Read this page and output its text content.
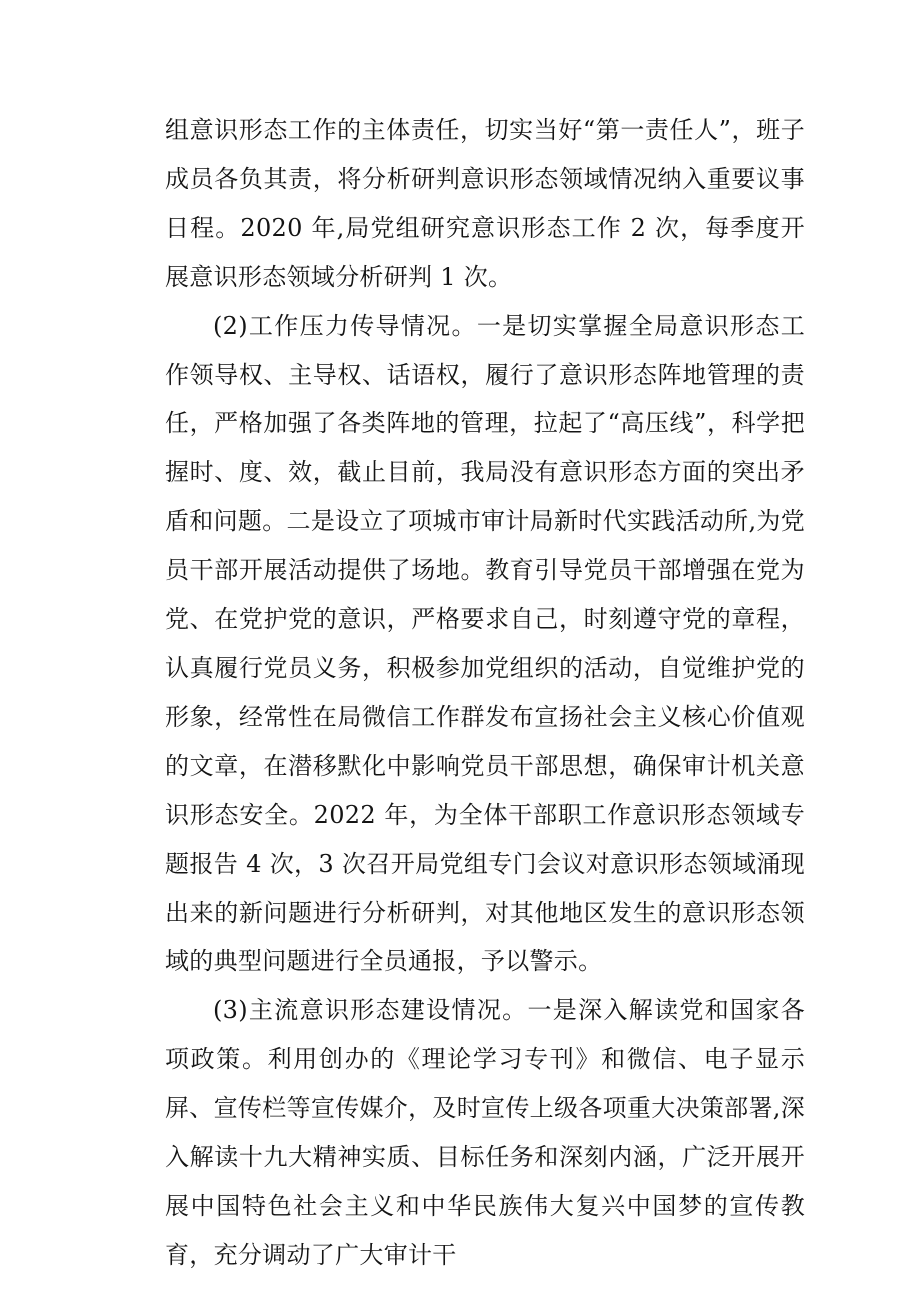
组意识形态工作的主体责任，切实当好“第一责任人”，班子成员各负其责，将分析研判意识形态领域情况纳入重要议事日程。2020 年,局党组研究意识形态工作 2 次，每季度开展意识形态领域分析研判 1 次。

(2)工作压力传导情况。一是切实掌握全局意识形态工作领导权、主导权、话语权，履行了意识形态阵地管理的责任，严格加强了各类阵地的管理，拉起了“高压线”，科学把握时、度、效，截止目前，我局没有意识形态方面的突出矛盾和问题。二是设立了项城市审计局新时代实践活动所,为党员干部开展活动提供了场地。教育引导党员干部增强在党为党、在党护党的意识，严格要求自己，时刻遵守党的章程，认真履行党员义务，积极参加党组织的活动，自觉维护党的形象，经常性在局微信工作群发布宣扬社会主义核心价值观的文章，在潜移默化中影响党员干部思想，确保审计机关意识形态安全。2022 年，为全体干部职工作意识形态领域专题报告 4 次，3 次召开局党组专门会议对意识形态领域涌现出来的新问题进行分析研判，对其他地区发生的意识形态领域的典型问题进行全员通报，予以警示。

(3)主流意识形态建设情况。一是深入解读党和国家各项政策。利用创办的《理论学习专刊》和微信、电子显示屏、宣传栏等宣传媒介，及时宣传上级各项重大决策部署,深入解读十九大精神实质、目标任务和深刻内涵，广泛开展开展中国特色社会主义和中华民族伟大复兴中国梦的宣传教育，充分调动了广大审计干
